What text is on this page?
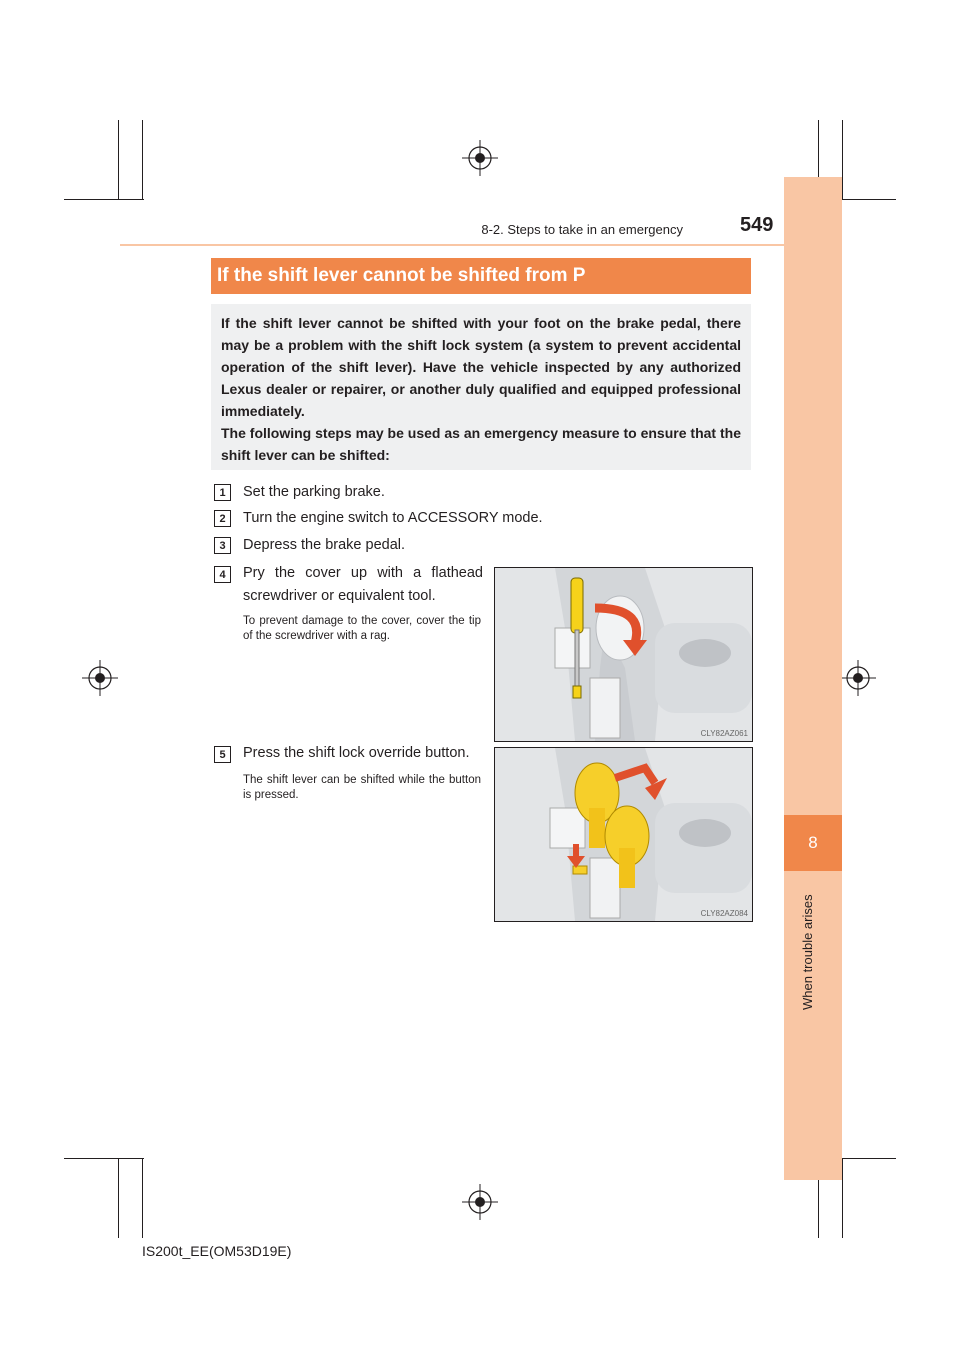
8
When trouble arises
8-2. Steps to take in an emergency	549
If the shift lever cannot be shifted from P

If the shift lever cannot be shifted with your foot on the brake pedal, there may be a problem with the shift lock system (a system to prevent accidental operation of the shift lever). Have the vehicle inspected by any authorized Lexus dealer or repairer, or another duly qualified and equipped professional immediately.

The following steps may be used as an emergency measure to ensure that the shift lever can be shifted:

1	Set the parking brake.
2	Turn the engine switch to ACCESSORY mode.
3	Depress the brake pedal.
4	Pry the cover up with a flathead screwdriver or equivalent tool.
To prevent damage to the cover, cover the tip of the screwdriver with a rag.
5	Press the shift lock override button.
The shift lever can be shifted while the button is pressed.
CLY82AZ061
CLY82AZ084
IS200t_EE(OM53D19E)
